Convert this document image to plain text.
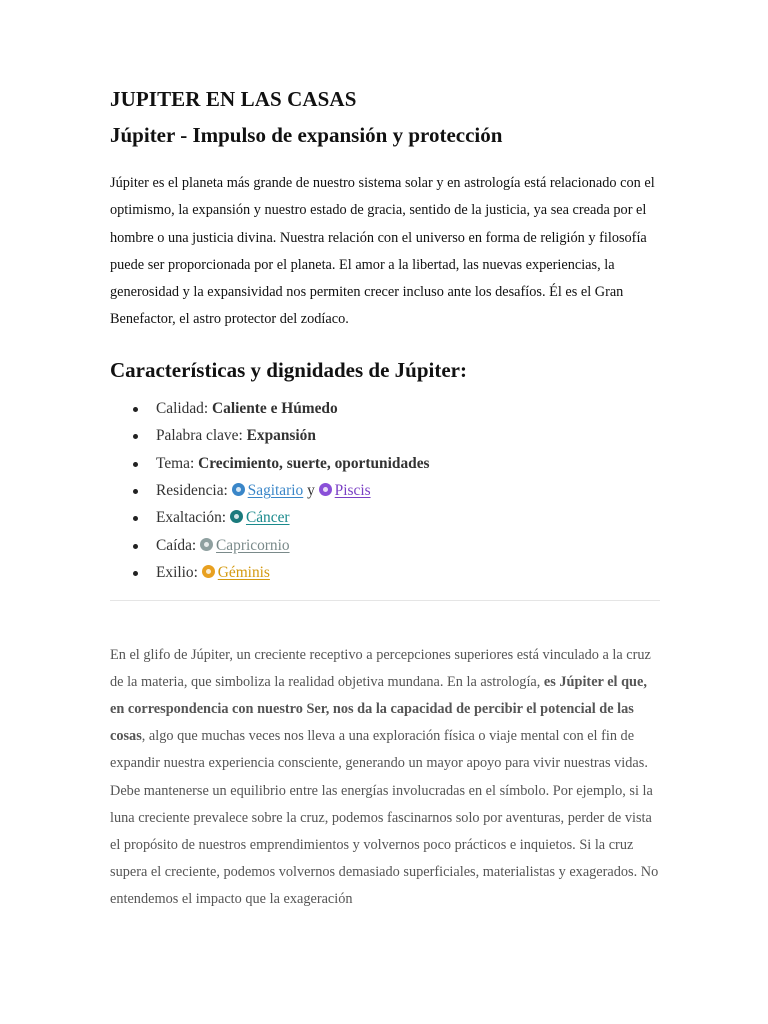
JUPITER EN LAS CASAS
Júpiter - Impulso de expansión y protección

Júpiter es el planeta más grande de nuestro sistema solar y en astrología está relacionado con el optimismo, la expansión y nuestro estado de gracia, sentido de la justicia, ya sea creada por el hombre o una justicia divina. Nuestra relación con el universo en forma de religión y filosofía puede ser proporcionada por el planeta. El amor a la libertad, las nuevas experiencias, la generosidad y la expansividad nos permiten crecer incluso ante los desafíos. Él es el Gran Benefactor, el astro protector del zodíaco.

Características y dignidades de Júpiter:
Calidad: Caliente e Húmedo
Palabra clave: Expansión
Tema: Crecimiento, suerte, oportunidades
Residencia: Sagitario y Piscis
Exaltación: Cáncer
Caída: Capricornio
Exilio: Géminis

En el glifo de Júpiter, un creciente receptivo a percepciones superiores está vinculado a la cruz de la materia, que simboliza la realidad objetiva mundana. En la astrología, es Júpiter el que, en correspondencia con nuestro Ser, nos da la capacidad de percibir el potencial de las cosas, algo que muchas veces nos lleva a una exploración física o viaje mental con el fin de expandir nuestra experiencia consciente, generando un mayor apoyo para vivir nuestras vidas.

Debe mantenerse un equilibrio entre las energías involucradas en el símbolo. Por ejemplo, si la luna creciente prevalece sobre la cruz, podemos fascinarnos solo por aventuras, perder de vista el propósito de nuestros emprendimientos y volvernos poco prácticos e inquietos. Si la cruz supera el creciente, podemos volvernos demasiado superficiales, materialistas y exagerados. No entendemos el impacto que la exageración
